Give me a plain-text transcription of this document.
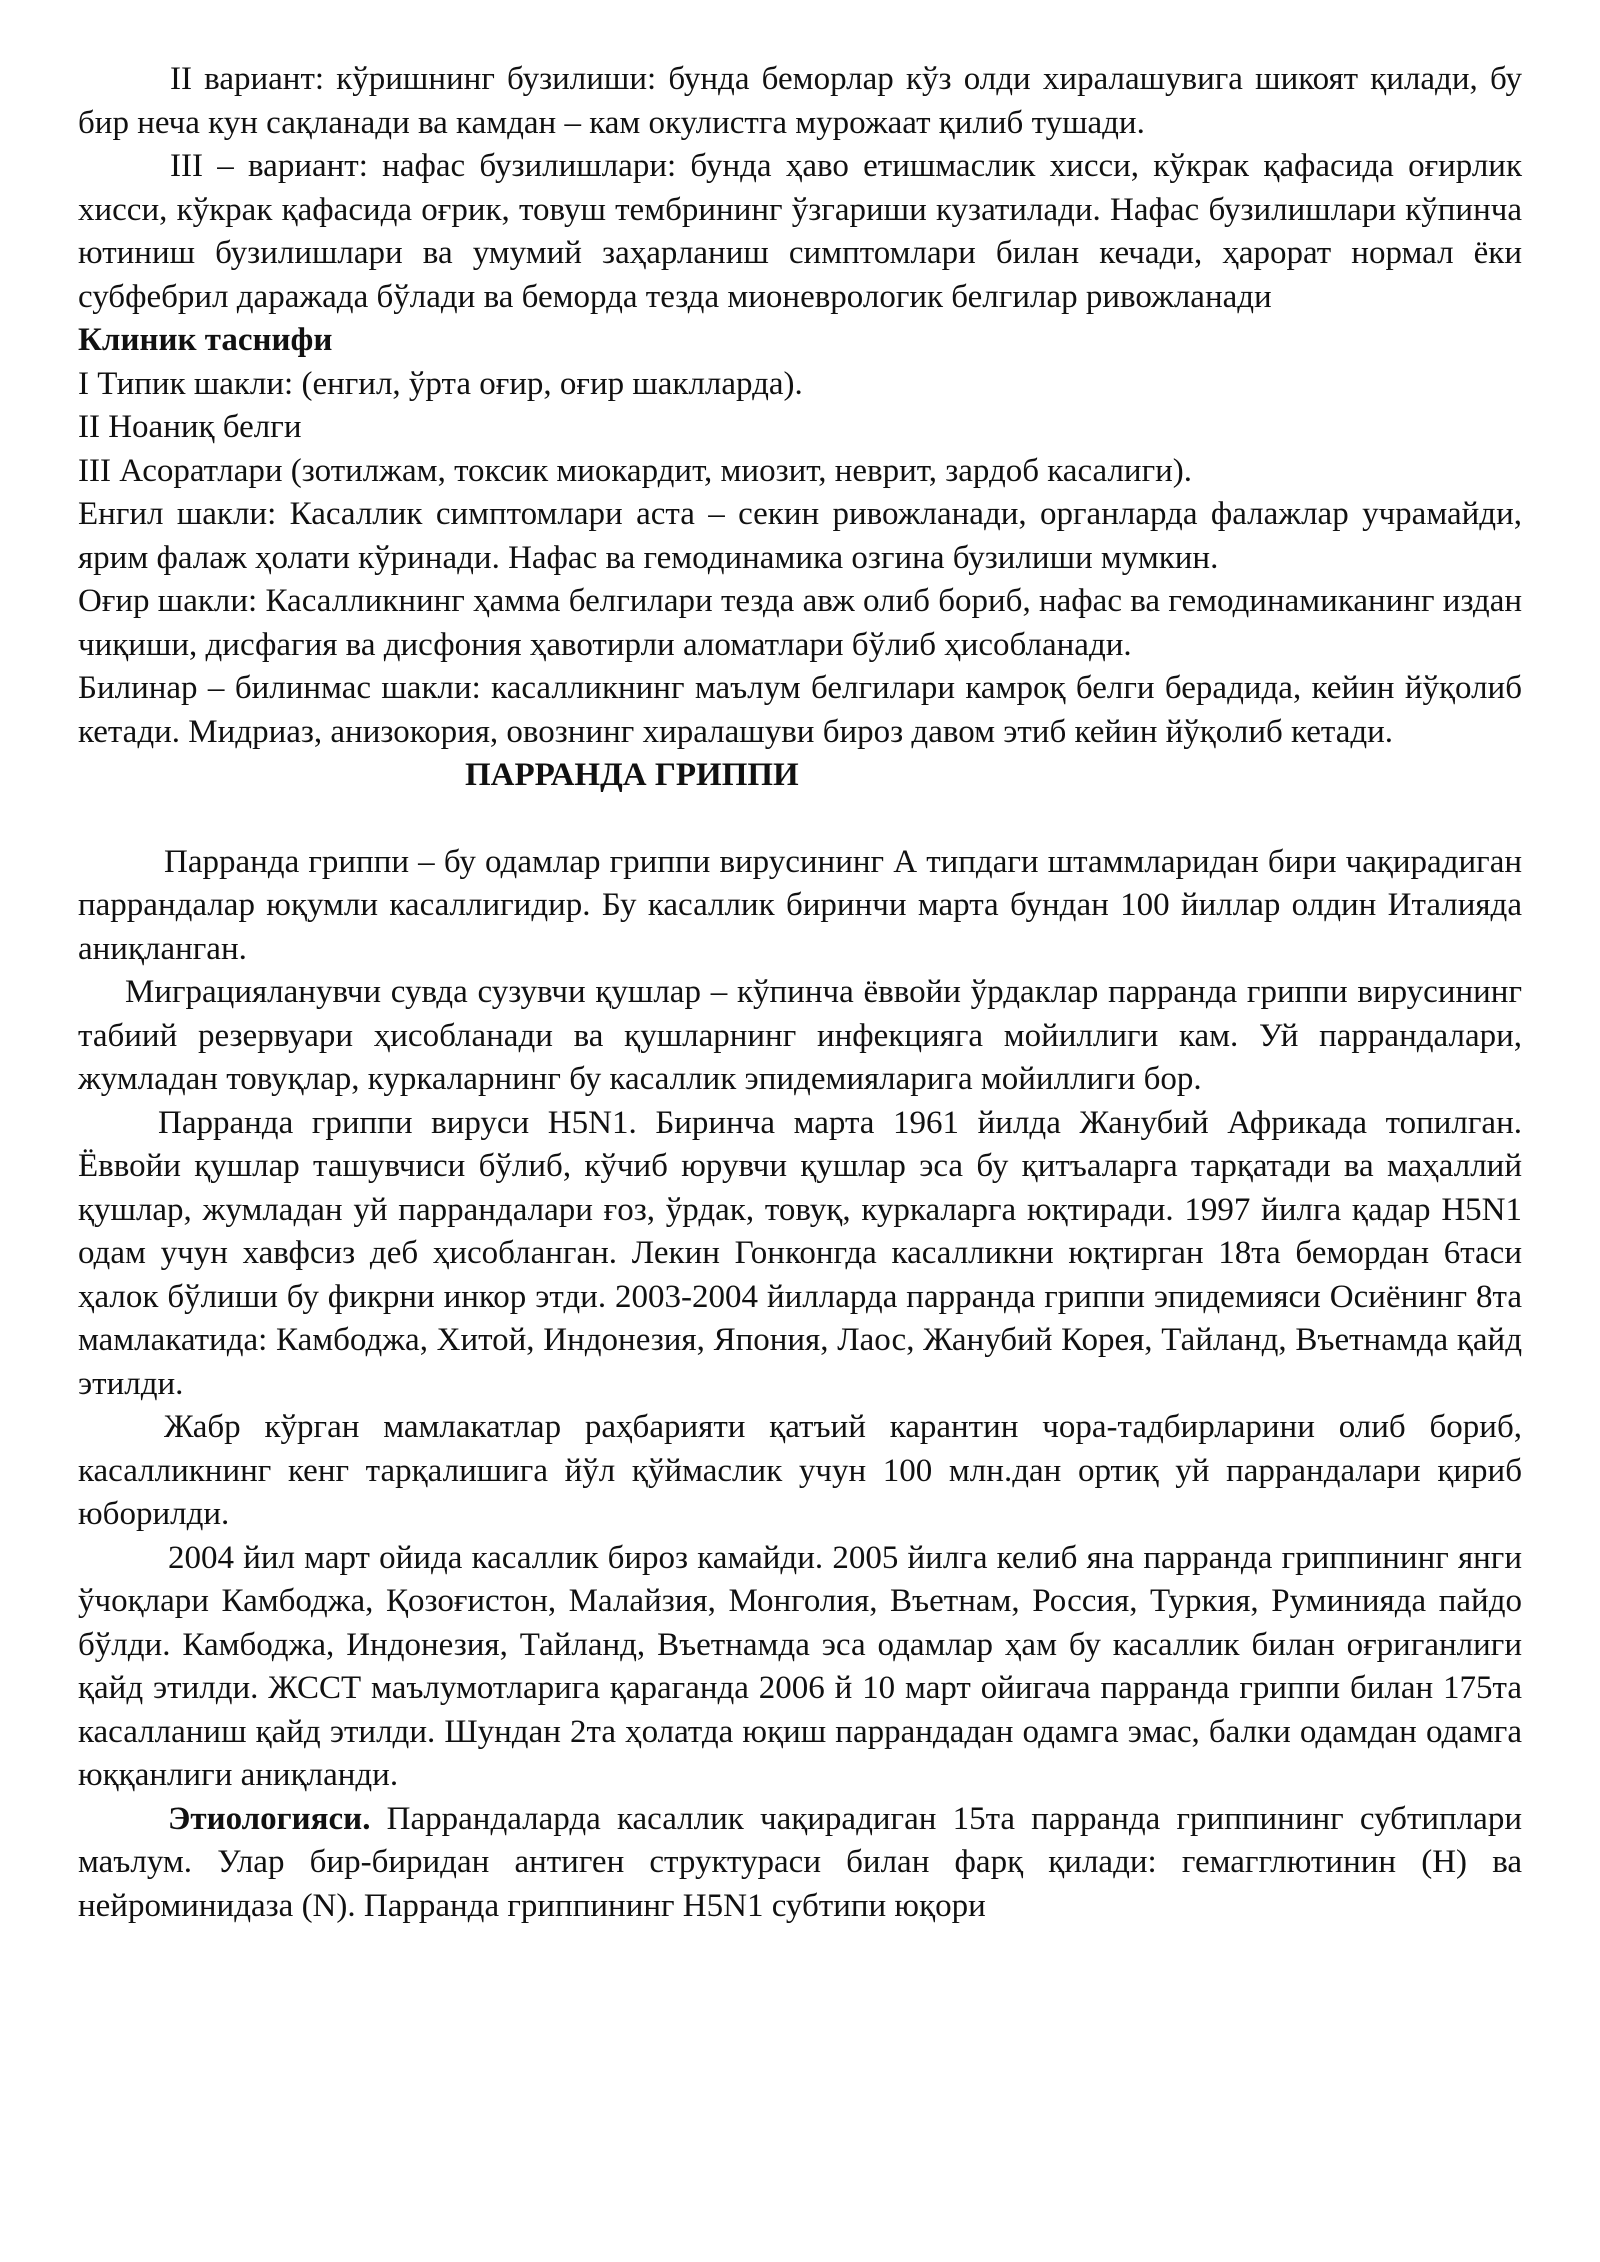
II вариант: кўришнинг бузилиши: бунда беморлар кўз олди хиралашувига шикоят қилади, бу бир неча кун сақланади ва камдан – кам окулистга мурожаат қилиб тушади.

III – вариант: нафас бузилишлари: бунда ҳаво етишмаслик хисси, кўкрак қафасида оғирлик хисси, кўкрак қафасида оғрик, товуш тембрининг ўзгариши кузатилади. Нафас бузилишлари кўпинча ютиниш бузилишлари ва умумий заҳарланиш симптомлари билан кечади, ҳарорат нормал ёки субфебрил даражада бўлади ва беморда тезда мионеврологик белгилар ривожланади

Клиник таснифи

I Типик шакли: (енгил, ўрта оғир, оғир шаклларда).

II Ноаниқ белги

III Асоратлари (зотилжам, токсик миокардит, миозит, неврит, зардоб касалиги).

Енгил шакли: Касаллик симптомлари аста – секин ривожланади, органларда фалажлар учрамайди, ярим фалаж ҳолати кўринади. Нафас ва гемодинамика озгина бузилиши мумкин.

Оғир шакли: Касалликнинг ҳамма белгилари тезда авж олиб бориб, нафас ва гемодинамиканинг издан чиқиши, дисфагия ва дисфония ҳавотирли аломатлари бўлиб ҳисобланади.

Билинар – билинмас шакли: касалликнинг маълум белгилари камроқ белги берадида, кейин йўқолиб кетади. Мидриаз, анизокория, овознинг хиралашуви бироз давом этиб кейин йўқолиб кетади.

ПАРРАНДА ГРИППИ

Парранда гриппи – бу одамлар гриппи вирусининг А типдаги штаммларидан бири чақирадиган паррандалар юқумли касаллигидир. Бу касаллик биринчи марта бундан 100 йиллар олдин Италияда аниқланган.

Миграцияланувчи сувда сузувчи қушлар – кўпинча ёввойи ўрдаклар парранда гриппи вирусининг табиий резервуари ҳисобланади ва қушларнинг инфекцияга мойиллиги кам. Уй паррандалари, жумладан товуқлар, куркаларнинг бу касаллик эпидемияларига мойиллиги бор.

Парранда гриппи вируси H5N1. Биринча марта 1961 йилда Жанубий Африкада топилган. Ёввойи қушлар ташувчиси бўлиб, кўчиб юрувчи қушлар эса бу қитъаларга тарқатади ва маҳаллий қушлар, жумладан уй паррандалари ғоз, ўрдак, товуқ, куркаларга юқтиради. 1997 йилга қадар H5N1 одам учун хавфсиз деб ҳисобланган. Лекин Гонконгда касалликни юқтирган 18та бемордан 6таси ҳалок бўлиши бу фикрни инкор этди. 2003-2004 йилларда парранда гриппи эпидемияси Осиёнинг 8та мамлакатида: Камбоджа, Хитой, Индонезия, Япония, Лаос, Жанубий Корея, Тайланд, Въетнамда қайд этилди.

Жабр кўрган мамлакатлар раҳбарияти қатъий карантин чора-тадбирларини олиб бориб, касалликнинг кенг тарқалишига йўл қўймаслик учун 100 млн.дан ортиқ уй паррандалари қириб юборилди.

2004 йил март ойида касаллик бироз камайди. 2005 йилга келиб яна парранда гриппининг янги ўчоқлари Камбоджа, Қозоғистон, Малайзия, Монголия, Въетнам, Россия, Туркия, Руминияда пайдо бўлди. Камбоджа, Индонезия, Тайланд, Въетнамда эса одамлар ҳам бу касаллик билан оғриганлиги қайд этилди. ЖССТ маълумотларига қараганда 2006 й 10 март ойигача парранда гриппи билан 175та касалланиш қайд этилди. Шундан 2та ҳолатда юқиш паррандадан одамга эмас, балки одамдан одамга юққанлиги аниқланди.

Этиологияси. Паррандаларда касаллик чақирадиган 15та парранда гриппининг субтиплари маълум. Улар бир-биридан антиген структураси билан фарқ қилади: гемагглютинин (Н) ва нейроминидаза (N). Парранда гриппининг H5N1 субтипи юқори
